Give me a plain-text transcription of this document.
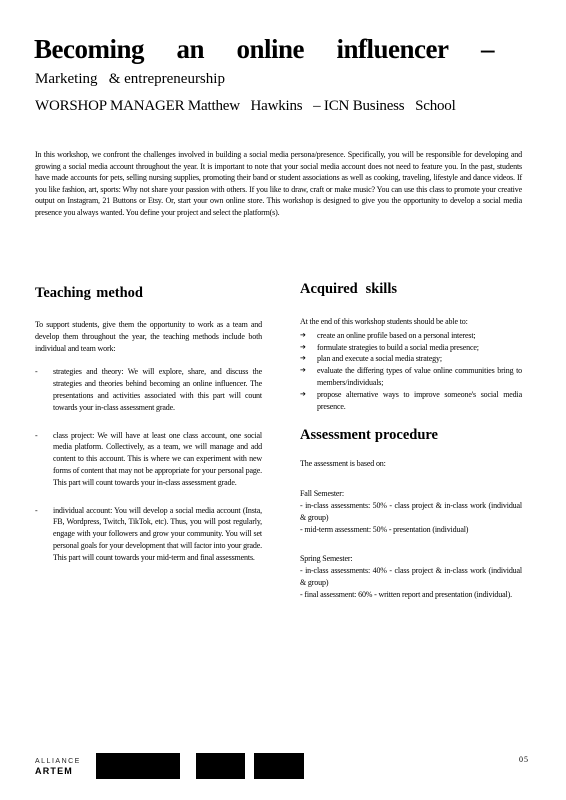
Becoming an online influencer –
Marketing   & entrepreneurship
WORSHOP MANAGER Matthew   Hawkins   – ICN Business   School

In this workshop, we confront the challenges involved in building a social media persona/presence. Specifically, you will be responsible for developing and growing a social media account throughout the year. It is important to note that your social media account does not need to feature you. In the past, students have made accounts for pets, selling nursing supplies, promoting their band or student associations as well as cooking, traveling, lifestyle and dance videos. If you like fashion, art, sports: Why not share your passion with others. If you like to draw, craft or make music? You can use this class to promote your creative output on Instagram, 21 Buttons or Etsy. Or, start your own online store. This workshop is designed to give you the opportunity to develop a social media presence you always wanted. You define your project and select the platform(s).

Teaching method

To support students, give them the opportunity to work as a team and develop them throughout the year, the teaching methods include both individual and team work:

- strategies and theory: We will explore, share, and discuss the strategies and theories behind becoming an online influencer. The presentations and activities associated with this part will count towards your in-class assessment grade.
- class project: We will have at least one class account, one social media platform. Collectively, as a team, we will manage and add content to this account. This is where we can experiment with new forms of content that may not be appropriate for your personal page. This part will count towards your in-class assessment grade.
- individual account: You will develop a social media account (Insta, FB, Wordpress, Twitch, TikTok, etc). Thus, you will post regularly, engage with your followers and grow your community. You will set personal goals for your development that will factor into your grade. This part will count towards your mid-term and final assessments.
Acquired skills

At the end of this workshop students should be able to:

➔ create an online profile based on a personal interest;
➔ formulate strategies to build a social media presence;
➔ plan and execute a social media strategy;
➔ evaluate the differing types of value online communities bring to members/individuals;
➔ propose alternative ways to improve someone's social media presence.
Assessment procedure
The assessment is based on:
Fall Semester:
- in-class assessments: 50% - class project & in-class work (individual & group)
- mid-term assessment: 50% - presentation (individual)
Spring Semester:
- in-class assessments: 40% - class project & in-class work (individual & group)
- final assessment: 60% - written report and presentation (individual).
ALLIANCE
ARTEM
05
